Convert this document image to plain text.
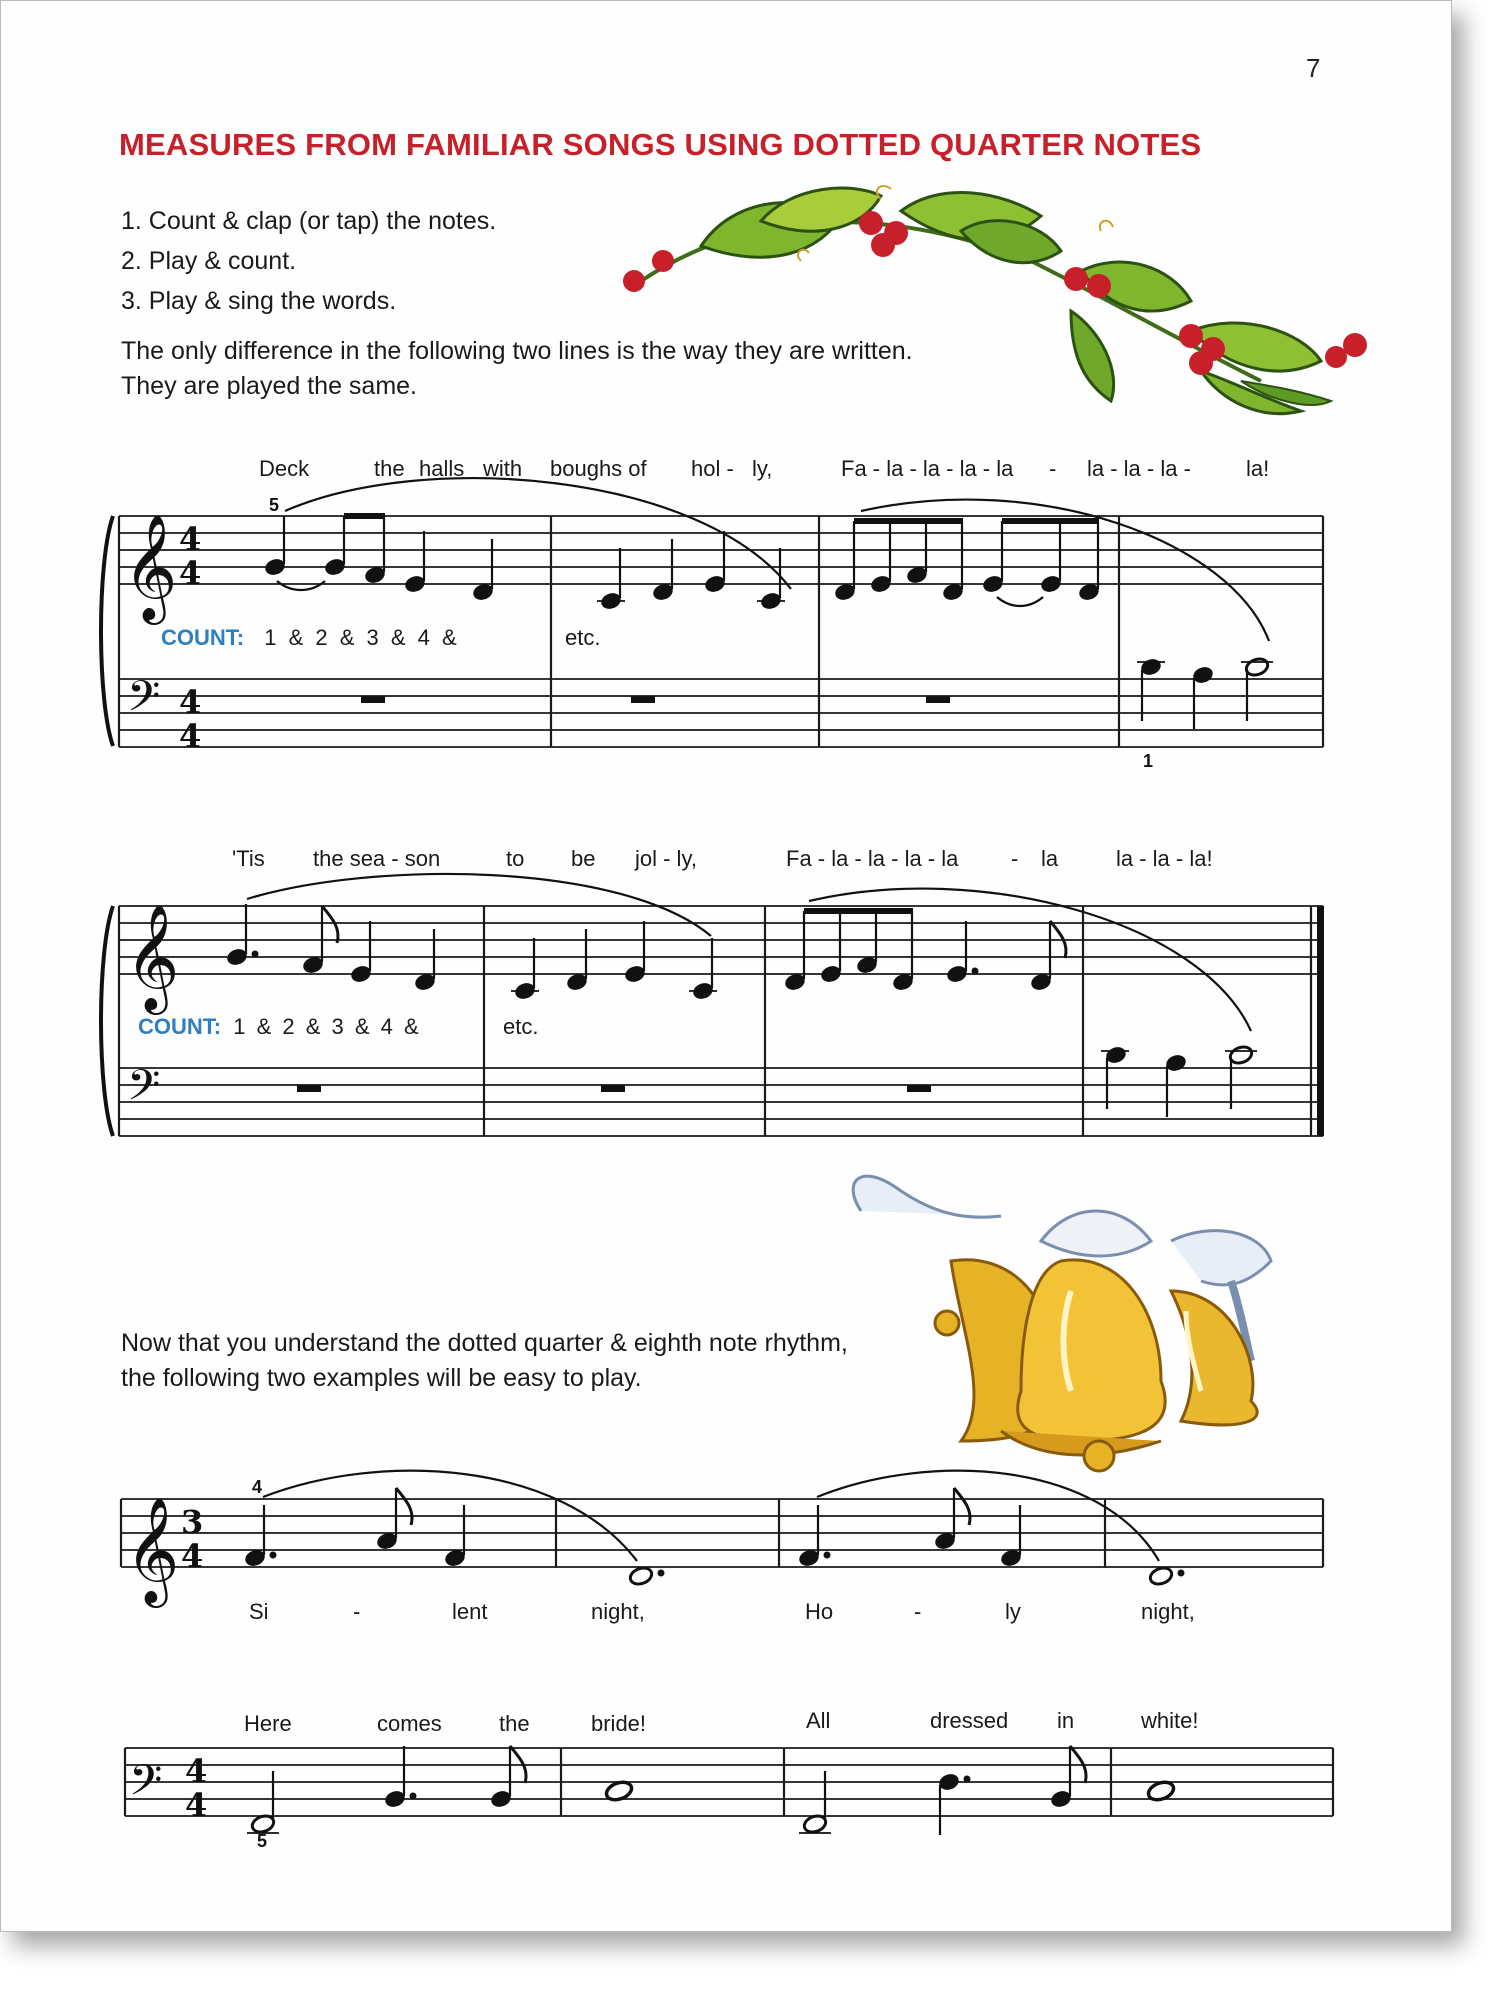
7
MEASURES FROM FAMILIAR SONGS USING DOTTED QUARTER NOTES
1. Count & clap (or tap) the notes.
2. Play & count.
3. Play & sing the words.
The only difference in the following two lines is the way they are written.
They are played the same.
Deck	the halls with boughs of hol - ly,	Fa - la - la - la - la - la - la - la -	la!
5
1
COUNT: 1 & 2 & 3 & 4 &	etc.
'Tis the sea - son	to be jol - ly,	Fa - la - la - la - la - la	la - la - la!
COUNT: 1 & 2 & 3 & 4 &	etc.
Now that you understand the dotted quarter & eighth note rhythm,
the following two examples will be easy to play.
4
Si	-	lent	night,	Ho	-	ly	night,
Here	comes	the	bride!	All	dressed in	white!
5
𝄞
𝄢
4
4
4
4
𝄞
𝄢
𝄞 3
4
𝄢 4
4
